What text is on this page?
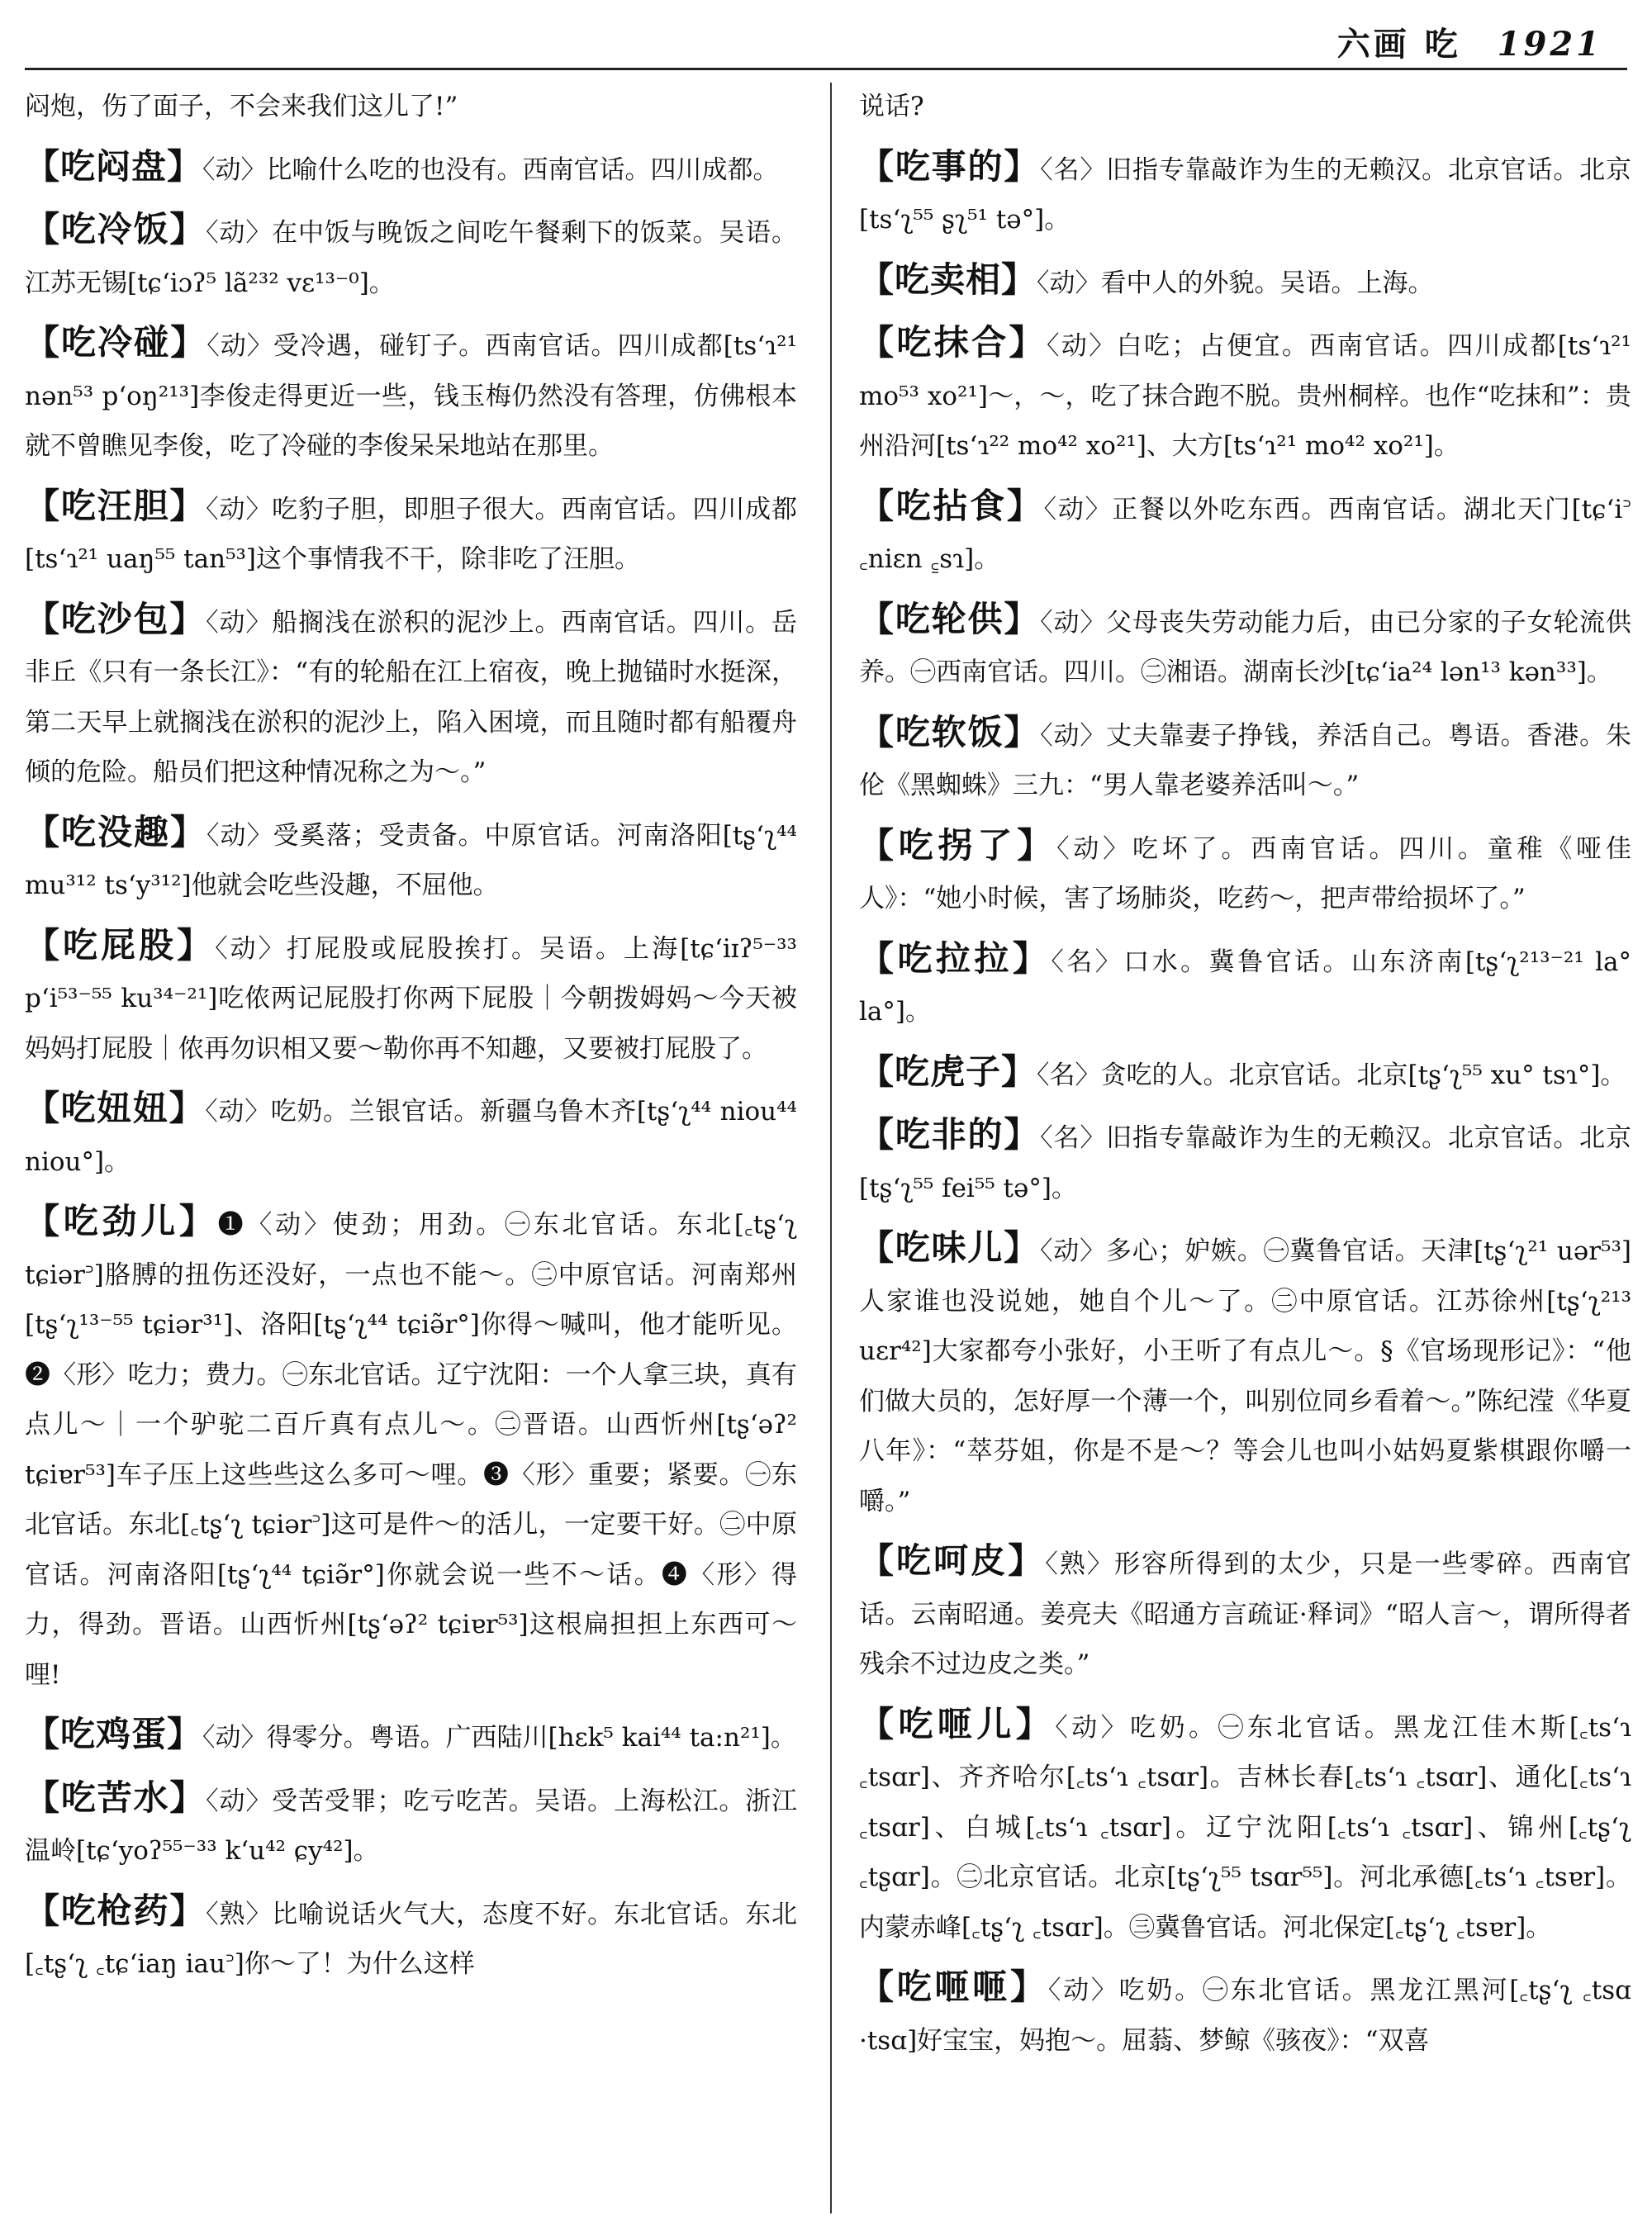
六画 吃 1921
闷炮，伤了面子，不会来我们这儿了!”
【吃闷盘】〈动〉比喻什么吃的也没有。西南官话。四川成都。
【吃冷饭】〈动〉在中饭与晚饭之间吃午餐剩下的饭菜。吴语。江苏无锡[tɕ‘iɔʔ⁵ lã²³² vɛ¹³⁻⁰]。
【吃冷碰】〈动〉受冷遇，碰钉子。西南官话。四川成都[ts‘ɿ²¹ nən⁵³ p‘oŋ²¹³]李俊走得更近一些，钱玉梅仍然没有答理，仿佛根本就不曾瞧见李俊，吃了冷碰的李俊呆呆地站在那里。
【吃汪胆】〈动〉吃豹子胆，即胆子很大。西南官话。四川成都[ts‘ɿ²¹ uaŋ⁵⁵ tan⁵³]这个事情我不干，除非吃了汪胆。
【吃沙包】〈动〉船搁浅在淤积的泥沙上。西南官话。四川。岳非丘《只有一条长江》：“有的轮船在江上宿夜，晚上抛锚时水挺深，第二天早上就搁浅在淤积的泥沙上，陷入困境，而且随时都有船覆舟倾的危险。船员们把这种情况称之为～。”
【吃没趣】〈动〉受奚落；受责备。中原官话。河南洛阳[tʂ‘ʅ⁴⁴ mu³¹² ts‘y³¹²]他就会吃些没趣，不屈他。
【吃屁股】〈动〉打屁股或屁股挨打。吴语。上海[tɕ‘iɪʔ⁵⁻³³ p‘i⁵³⁻⁵⁵ ku³⁴⁻²¹]吃侬两记屁股打你两下屁股｜今朝拨姆妈～今天被妈妈打屁股｜侬再勿识相又要～勒你再不知趣，又要被打屁股了。
【吃妞妞】〈动〉吃奶。兰银官话。新疆乌鲁木齐[tʂ‘ʅ⁴⁴ niou⁴⁴ niou°]。
【吃劲儿】❶〈动〉使劲；用劲。㊀东北官话。东北[꜀tʂ‘ʅ tɕiər꜄]胳膊的扭伤还没好，一点也不能～。㊁中原官话。河南郑州[tʂ‘ʅ¹³⁻⁵⁵ tɕiər³¹]、洛阳[tʂ‘ʅ⁴⁴ tɕiə̃r°]你得～喊叫，他才能听见。❷〈形〉吃力；费力。㊀东北官话。辽宁沈阳：一个人拿三块，真有点儿～｜一个驴驼二百斤真有点儿～。㊁晋语。山西忻州[tʂ‘əʔ² tɕiɐr⁵³]车子压上这些些这么多可～哩。❸〈形〉重要；紧要。㊀东北官话。东北[꜀tʂ‘ʅ tɕiər꜄]这可是件～的活儿，一定要干好。㊁中原官话。河南洛阳[tʂ‘ʅ⁴⁴ tɕiə̃r°]你就会说一些不～话。❹〈形〉得力，得劲。晋语。山西忻州[tʂ‘əʔ² tɕiɐr⁵³]这根扁担担上东西可～哩!
【吃鸡蛋】〈动〉得零分。粤语。广西陆川[hɛk⁵ kai⁴⁴ ta:n²¹]。
【吃苦水】〈动〉受苦受罪；吃亏吃苦。吴语。上海松江。浙江温岭[tɕ‘yoʔ⁵⁵⁻³³ k‘u⁴² ɕy⁴²]。
【吃枪药】〈熟〉比喻说话火气大，态度不好。东北官话。东北[꜀tʂ‘ʅ ꜀tɕ‘iaŋ iau꜄]你～了！为什么这样
说话?
【吃事的】〈名〉旧指专靠敲诈为生的无赖汉。北京官话。北京[ts‘ʅ⁵⁵ ʂʅ⁵¹ tə°]。
【吃卖相】〈动〉看中人的外貌。吴语。上海。
【吃抹合】〈动〉白吃；占便宜。西南官话。四川成都[ts‘ɿ²¹ mo⁵³ xo²¹]～，～，吃了抹合跑不脱。贵州桐梓。也作“吃抹和”：贵州沿河[ts‘ɿ²² mo⁴² xo²¹]、大方[ts‘ɿ²¹ mo⁴² xo²¹]。
【吃拈食】〈动〉正餐以外吃东西。西南官话。湖北天门[tɕ‘i꜄ ꜀niɛn ꜁sɿ]。
【吃轮供】〈动〉父母丧失劳动能力后，由已分家的子女轮流供养。㊀西南官话。四川。㊁湘语。湖南长沙[tɕ‘ia²⁴ lən¹³ kən³³]。
【吃软饭】〈动〉丈夫靠妻子挣钱，养活自己。粤语。香港。朱伦《黑蜘蛛》三九：“男人靠老婆养活叫～。”
【吃拐了】〈动〉吃坏了。西南官话。四川。童稚《哑佳人》：“她小时候，害了场肺炎，吃药～，把声带给损坏了。”
【吃拉拉】〈名〉口水。冀鲁官话。山东济南[tʂ‘ʅ²¹³⁻²¹ la° la°]。
【吃虎子】〈名〉贪吃的人。北京官话。北京[tʂ‘ʅ⁵⁵ xu° tsɿ°]。
【吃非的】〈名〉旧指专靠敲诈为生的无赖汉。北京官话。北京[tʂ‘ʅ⁵⁵ fei⁵⁵ tə°]。
【吃味儿】〈动〉多心；妒嫉。㊀冀鲁官话。天津[tʂ‘ʅ²¹ uər⁵³]人家谁也没说她，她自个儿～了。㊁中原官话。江苏徐州[tʂ‘ʅ²¹³ uɛr⁴²]大家都夸小张好，小王听了有点儿～。§《官场现形记》：“他们做大员的，怎好厚一个薄一个，叫别位同乡看着～。”陈纪滢《华夏八年》：“萃芬姐，你是不是～？等会儿也叫小姑妈夏紫棋跟你嚼一嚼。”
【吃呵皮】〈熟〉形容所得到的太少，只是一些零碎。西南官话。云南昭通。姜亮夫《昭通方言疏证·释词》“昭人言～，谓所得者残余不过边皮之类。”
【吃咂儿】〈动〉吃奶。㊀东北官话。黑龙江佳木斯[꜀ts‘ɿ ꜀tsɑr]、齐齐哈尔[꜀ts‘ɿ ꜀tsɑr]。吉林长春[꜀ts‘ɿ ꜀tsɑr]、通化[꜀ts‘ɿ ꜀tsɑr]、白城[꜀ts‘ɿ ꜀tsɑr]。辽宁沈阳[꜀ts‘ɿ ꜀tsɑr]、锦州[꜀tʂ‘ʅ ꜀tʂɑr]。㊁北京官话。北京[tʂ‘ʅ⁵⁵ tsɑr⁵⁵]。河北承德[꜀ts‘ɿ ꜀tsɐr]。内蒙赤峰[꜀tʂ‘ʅ ꜀tsɑr]。㊂冀鲁官话。河北保定[꜀tʂ‘ʅ ꜀tsɐr]。
【吃咂咂】〈动〉吃奶。㊀东北官话。黑龙江黑河[꜀tʂ‘ʅ ꜀tsɑ ·tsɑ]好宝宝，妈抱～。屈蓊、梦鲸《骇夜》：“双喜
